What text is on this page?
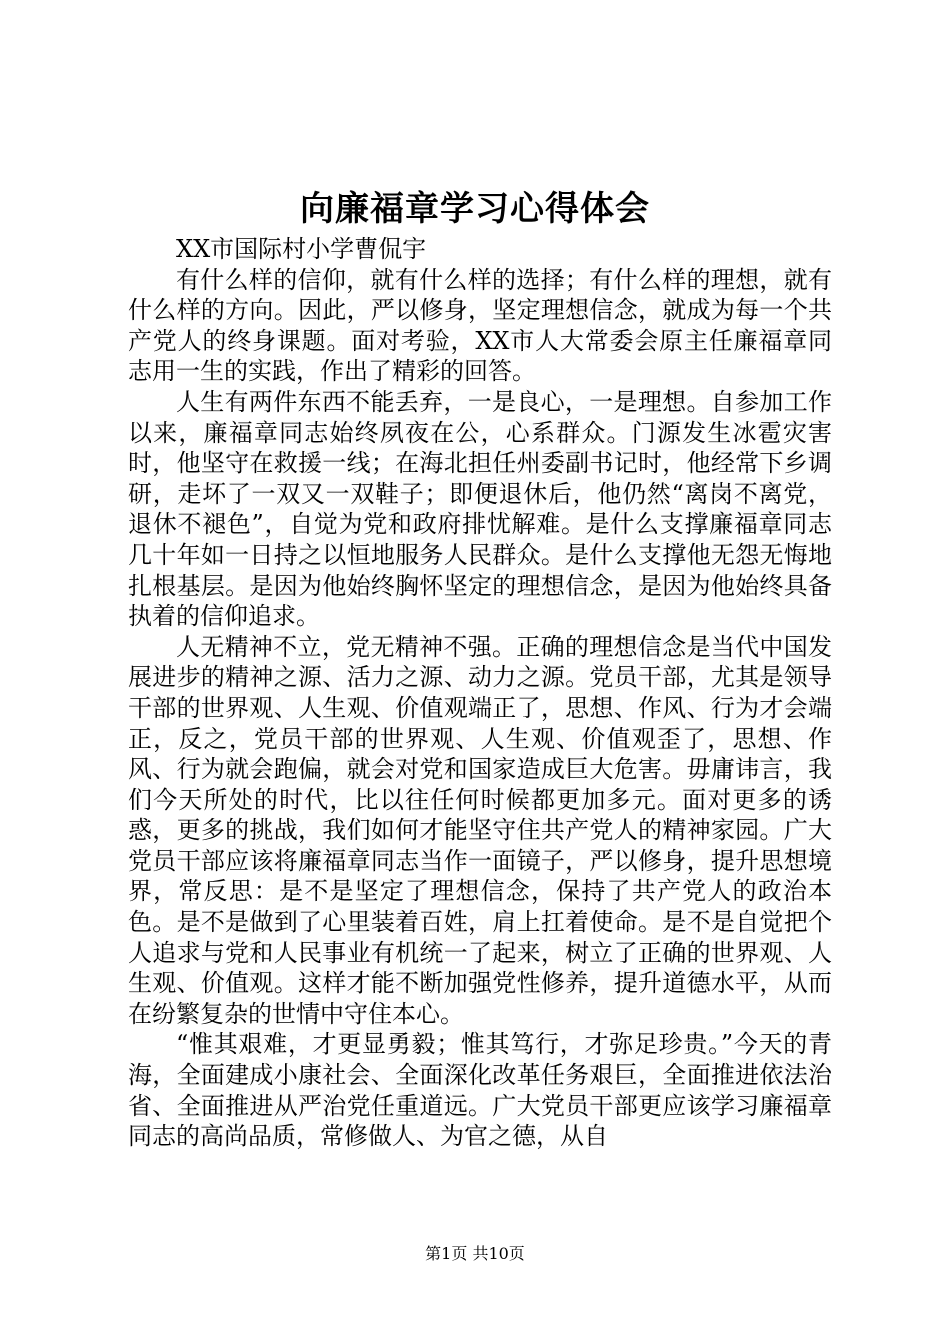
向廉福章学习心得体会

XX市国际村小学曹侃宇

有什么样的信仰，就有什么样的选择；有什么样的理想，就有什么样的方向。因此，严以修身，坚定理想信念，就成为每一个共产党人的终身课题。面对考验，XX市人大常委会原主任廉福章同志用一生的实践，作出了精彩的回答。

人生有两件东西不能丢弃，一是良心，一是理想。自参加工作以来，廉福章同志始终夙夜在公，心系群众。门源发生冰雹灾害时，他坚守在救援一线；在海北担任州委副书记时，他经常下乡调研，走坏了一双又一双鞋子；即便退休后，他仍然“离岗不离党，退休不褪色”，自觉为党和政府排忧解难。是什么支撑廉福章同志几十年如一日持之以恒地服务人民群众。是什么支撑他无怨无悔地扎根基层。是因为他始终胸怀坚定的理想信念，是因为他始终具备执着的信仰追求。

人无精神不立，党无精神不强。正确的理想信念是当代中国发展进步的精神之源、活力之源、动力之源。党员干部，尤其是领导干部的世界观、人生观、价值观端正了，思想、作风、行为才会端正，反之，党员干部的世界观、人生观、价值观歪了，思想、作风、行为就会跑偏，就会对党和国家造成巨大危害。毋庸讳言，我们今天所处的时代，比以往任何时候都更加多元。面对更多的诱惑，更多的挑战，我们如何才能坚守住共产党人的精神家园。广大党员干部应该将廉福章同志当作一面镜子，严以修身，提升思想境界，常反思：是不是坚定了理想信念，保持了共产党人的政治本色。是不是做到了心里装着百姓，肩上扛着使命。是不是自觉把个人追求与党和人民事业有机统一了起来，树立了正确的世界观、人生观、价值观。这样才能不断加强党性修养，提升道德水平，从而在纷繁复杂的世情中守住本心。

“惟其艰难，才更显勇毅；惟其笃行，才弥足珍贵。”今天的青海，全面建成小康社会、全面深化改革任务艰巨，全面推进依法治省、全面推进从严治党任重道远。广大党员干部更应该学习廉福章同志的高尚品质，常修做人、为官之德，从自

第1页 共10页
